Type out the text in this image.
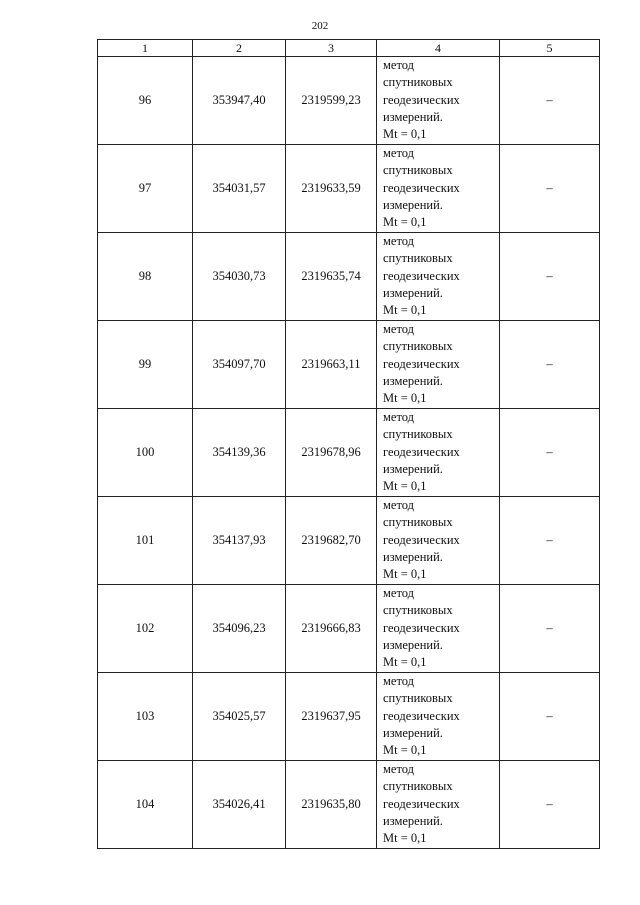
202
1	2	3	4	5
96	353947,40	2319599,23	метод
спутниковых
геодезических
измерений.
Mt = 0,1	–
97	354031,57	2319633,59	метод
спутниковых
геодезических
измерений.
Mt = 0,1	–
98	354030,73	2319635,74	метод
спутниковых
геодезических
измерений.
Mt = 0,1	–
99	354097,70	2319663,11	метод
спутниковых
геодезических
измерений.
Mt = 0,1	–
100	354139,36	2319678,96	метод
спутниковых
геодезических
измерений.
Mt = 0,1	–
101	354137,93	2319682,70	метод
спутниковых
геодезических
измерений.
Mt = 0,1	–
102	354096,23	2319666,83	метод
спутниковых
геодезических
измерений.
Mt = 0,1	–
103	354025,57	2319637,95	метод
спутниковых
геодезических
измерений.
Mt = 0,1	–
104	354026,41	2319635,80	метод
спутниковых
геодезических
измерений.
Mt = 0,1	–
